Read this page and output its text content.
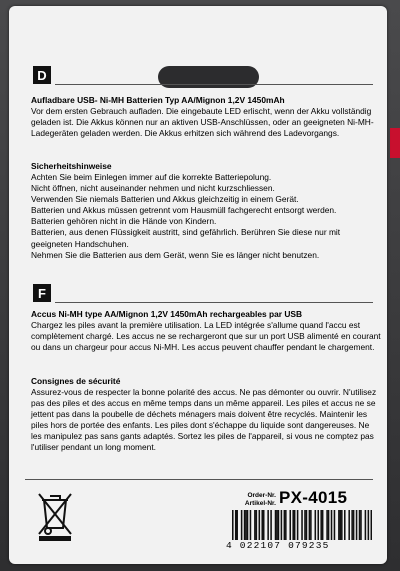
D
Aufladbare USB- Ni-MH Batterien Typ AA/Mignon 1,2V 1450mAh
Vor dem ersten Gebrauch aufladen. Die eingebaute LED erlischt, wenn der Akku vollständig geladen ist. Die Akkus können nur an aktiven USB-Anschlüssen, oder an geeigneten Ni-MH-Ladegeräten geladen werden. Die Akkus erhitzen sich während des Ladevorgangs.
Sicherheitshinweise
Achten Sie beim Einlegen immer auf die korrekte Batteriepolung.
Nicht öffnen, nicht auseinander nehmen und nicht kurzschliessen.
Verwenden Sie niemals Batterien und Akkus gleichzeitig in einem Gerät.
Batterien und Akkus müssen getrennt vom Hausmüll fachgerecht entsorgt werden.
Batterien gehören nicht in die Hände von Kindern.
Batterien, aus denen Flüssigkeit austritt, sind gefährlich. Berühren Sie diese nur mit geeigneten Handschuhen.
Nehmen Sie die Batterien aus dem Gerät, wenn Sie es länger nicht benutzen.
F
Accus Ni-MH type AA/Mignon 1,2V 1450mAh rechargeables par USB
Chargez les piles avant la première utilisation. La LED intégrée s'allume quand l'accu est complètement chargé. Les accus ne se rechargeront que sur un port USB alimenté en courant ou dans un chargeur pour accus Ni-MH. Les accus peuvent chauffer pendant le chargement.
Consignes de sécurité
Assurez-vous de respecter la bonne polarité des accus. Ne pas démonter ou ouvrir. N'utilisez pas des piles et des accus en même temps dans un même appareil. Les piles et accus ne se jettent pas dans la poubelle de déchets ménagers mais doivent être recyclés. Maintenir les piles hors de portée des enfants. Les piles dont s'échappe du liquide sont dangereuses. Ne les manipulez pas sans gants adaptés. Sortez les piles de l'appareil, si vous ne comptez pas l'utiliser pendant un long moment.
Order-Nr.
Artikel-Nr. PX-4015
4 022107 079235
